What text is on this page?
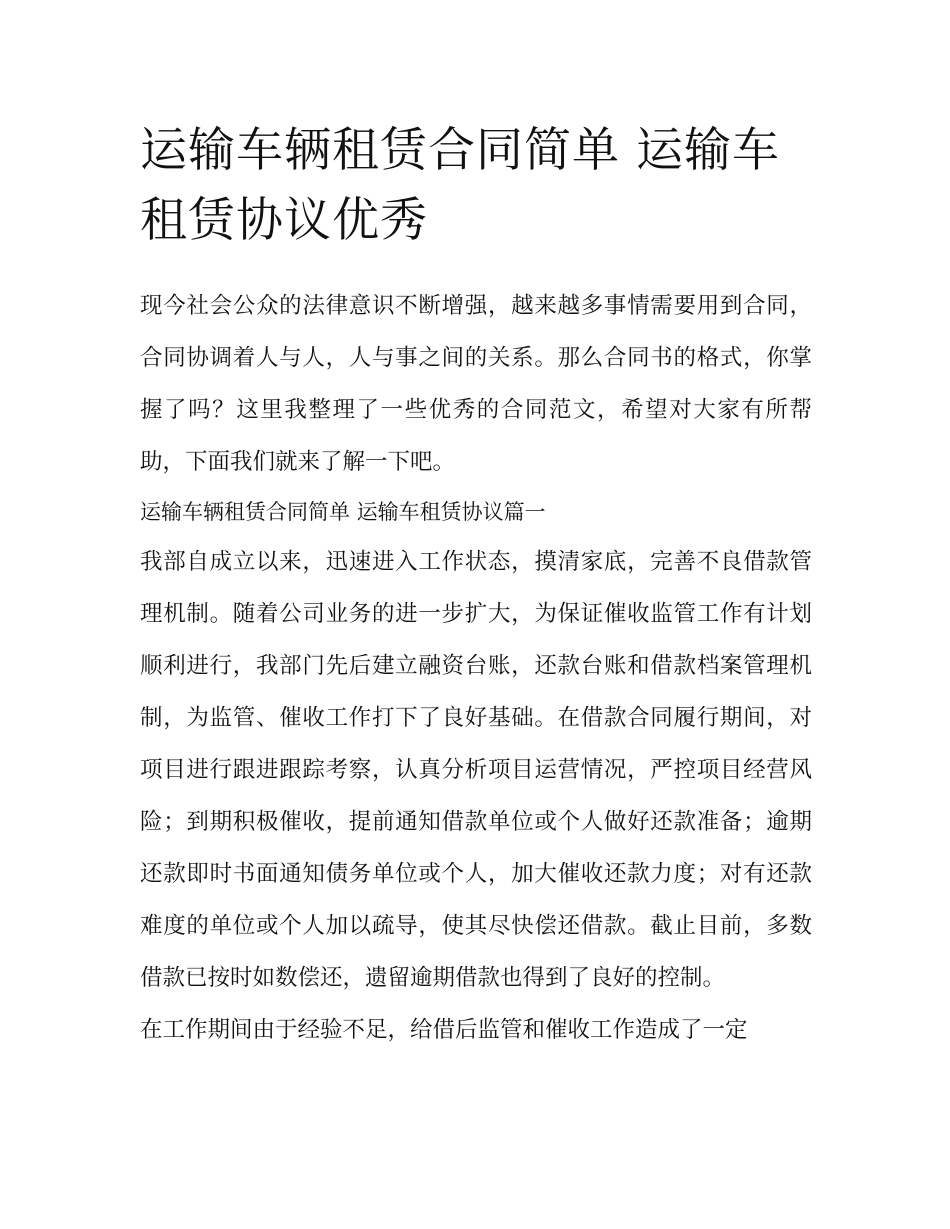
运输车辆租赁合同简单 运输车租赁协议优秀

现今社会公众的法律意识不断增强，越来越多事情需要用到合同，合同协调着人与人，人与事之间的关系。那么合同书的格式，你掌握了吗？这里我整理了一些优秀的合同范文，希望对大家有所帮助，下面我们就来了解一下吧。

运输车辆租赁合同简单 运输车租赁协议篇一

我部自成立以来，迅速进入工作状态，摸清家底，完善不良借款管理机制。随着公司业务的进一步扩大，为保证催收监管工作有计划顺利进行，我部门先后建立融资台账，还款台账和借款档案管理机制，为监管、催收工作打下了良好基础。在借款合同履行期间，对项目进行跟进跟踪考察，认真分析项目运营情况，严控项目经营风险；到期积极催收，提前通知借款单位或个人做好还款准备；逾期还款即时书面通知债务单位或个人，加大催收还款力度；对有还款难度的单位或个人加以疏导，使其尽快偿还借款。截止目前，多数借款已按时如数偿还，遗留逾期借款也得到了良好的控制。

在工作期间由于经验不足，给借后监管和催收工作造成了一定
